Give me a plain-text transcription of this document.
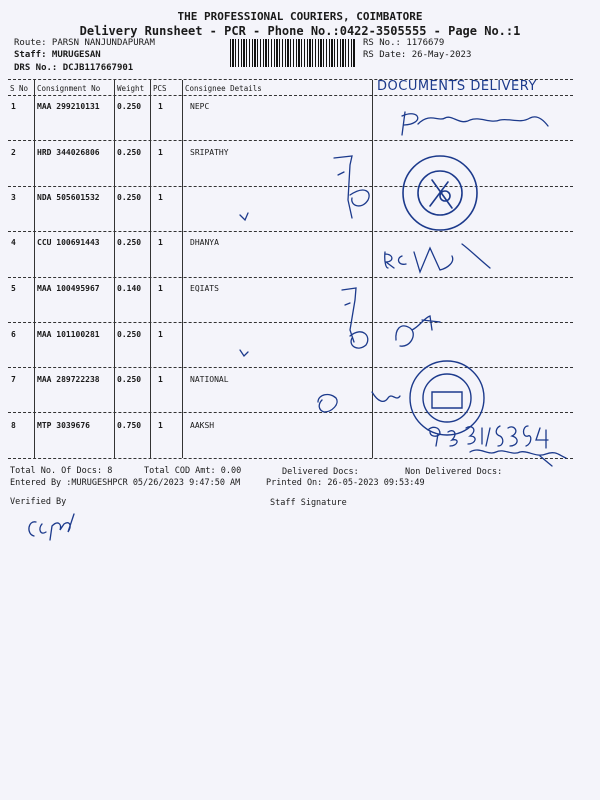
THE PROFESSIONAL COURIERS, COIMBATORE
Delivery Runsheet - PCR - Phone No.:0422-3505555 - Page No.:1
Route: PARSN NANJUNDAPURAM
Staff: MURUGESAN
DRS No.: DCJB117667901
RS No.: 1176679
RS Date: 26-May-2023
S No Consignment No Weight PCS Consignee Details
1	MAA 299210131 0.250 1	NEPC
2	HRD 344026806 0.250 1	SRIPATHY
3	NDA 505601532 0.250 1
4	CCU 100691443 0.250 1	DHANYA
5	MAA 100495967 0.140 1	EQIATS
6	MAA 101100281 0.250 1
7	MAA 289722238 0.250 1	NATIONAL
8	MTP 3039676	0.750 1	AAKSH
DOCUMENTS DELIVERY
Total No. Of Docs: 8	Total COD Amt: 0.00	Delivered Docs:	Non Delivered Docs:
Entered By :MURUGESHPCR 05/26/2023 9:47:50 AM	Printed On: 26-05-2023 09:53:49
Verified By	Staff Signature
